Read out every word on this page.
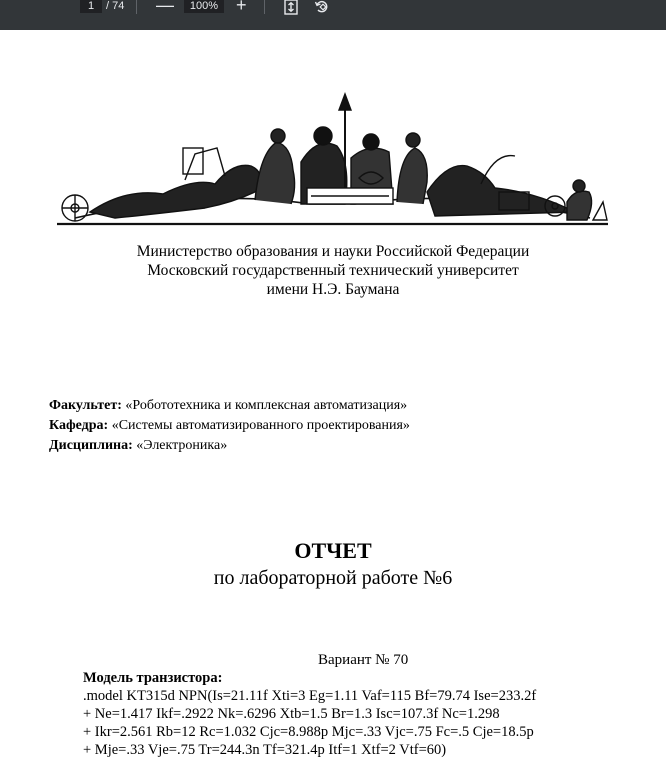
1	/ 74 —	100% +
Министерство образования и науки Российской Федерации
Московский государственный технический университет
имени Н.Э. Баумана
Факультет: «Робототехника и комплексная автоматизация»
Кафедра: «Системы автоматизированного проектирования»
Дисциплина: «Электроника»
ОТЧЕТ
по лабораторной работе №6
Вариант № 70
Модель транзистора:
.model KT315d NPN(Is=21.11f Xti=3 Eg=1.11 Vaf=115 Bf=79.74 Ise=233.2f
+ Ne=1.417 Ikf=.2922 Nk=.6296 Xtb=1.5 Br=1.3 Isc=107.3f Nc=1.298
+ Ikr=2.561 Rb=12 Rc=1.032 Cjc=8.988p Mjc=.33 Vjc=.75 Fc=.5 Cje=18.5p
+ Mje=.33 Vje=.75 Tr=244.3n Tf=321.4p Itf=1 Xtf=2 Vtf=60)
